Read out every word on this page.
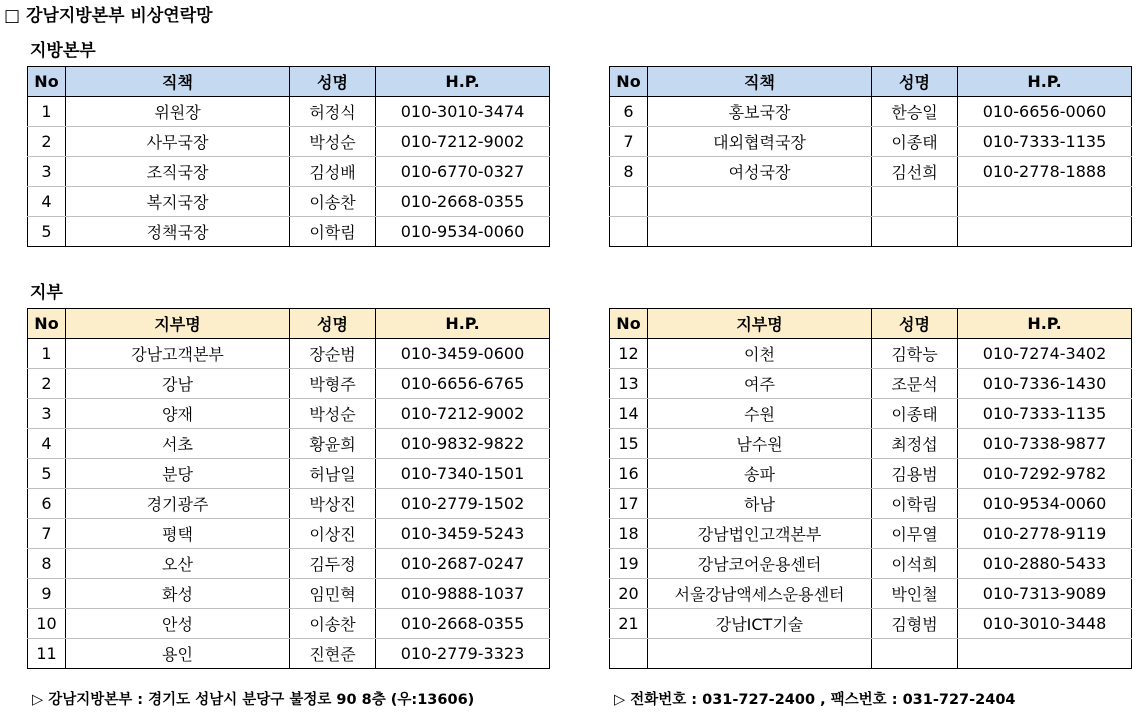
□ 강남지방본부 비상연락망
지방본부
No	직책	성명	H.P.
1	위원장	허정식	010-3010-3474
2	사무국장	박성순	010-7212-9002
3	조직국장	김성배	010-6770-0327
4	복지국장	이송찬	010-2668-0355
5	정책국장	이학림	010-9534-0060
No	직책	성명	H.P.
6	홍보국장	한승일	010-6656-0060
7	대외협력국장	이종태	010-7333-1135
8	여성국장	김선희	010-2778-1888

지부
No	지부명	성명	H.P.
1	강남고객본부	장순범	010-3459-0600
2	강남	박형주	010-6656-6765
3	양재	박성순	010-7212-9002
4	서초	황윤희	010-9832-9822
5	분당	허남일	010-7340-1501
6	경기광주	박상진	010-2779-1502
7	평택	이상진	010-3459-5243
8	오산	김두정	010-2687-0247
9	화성	임민혁	010-9888-1037
10	안성	이송찬	010-2668-0355
11	용인	진현준	010-2779-3323
No	지부명	성명	H.P.
12	이천	김학능	010-7274-3402
13	여주	조문석	010-7336-1430
14	수원	이종태	010-7333-1135
15	남수원	최정섭	010-7338-9877
16	송파	김용범	010-7292-9782
17	하남	이학림	010-9534-0060
18	강남법인고객본부	이무열	010-2778-9119
19	강남코어운용센터	이석희	010-2880-5433
20	서울강남액세스운용센터	박인철	010-7313-9089
21	강남ICT기술	김형범	010-3010-3448

▷ 강남지방본부 : 경기도 성남시 분당구 불정로 90 8층 (우:13606)	▷ 전화번호 : 031-727-2400 , 팩스번호 : 031-727-2404
